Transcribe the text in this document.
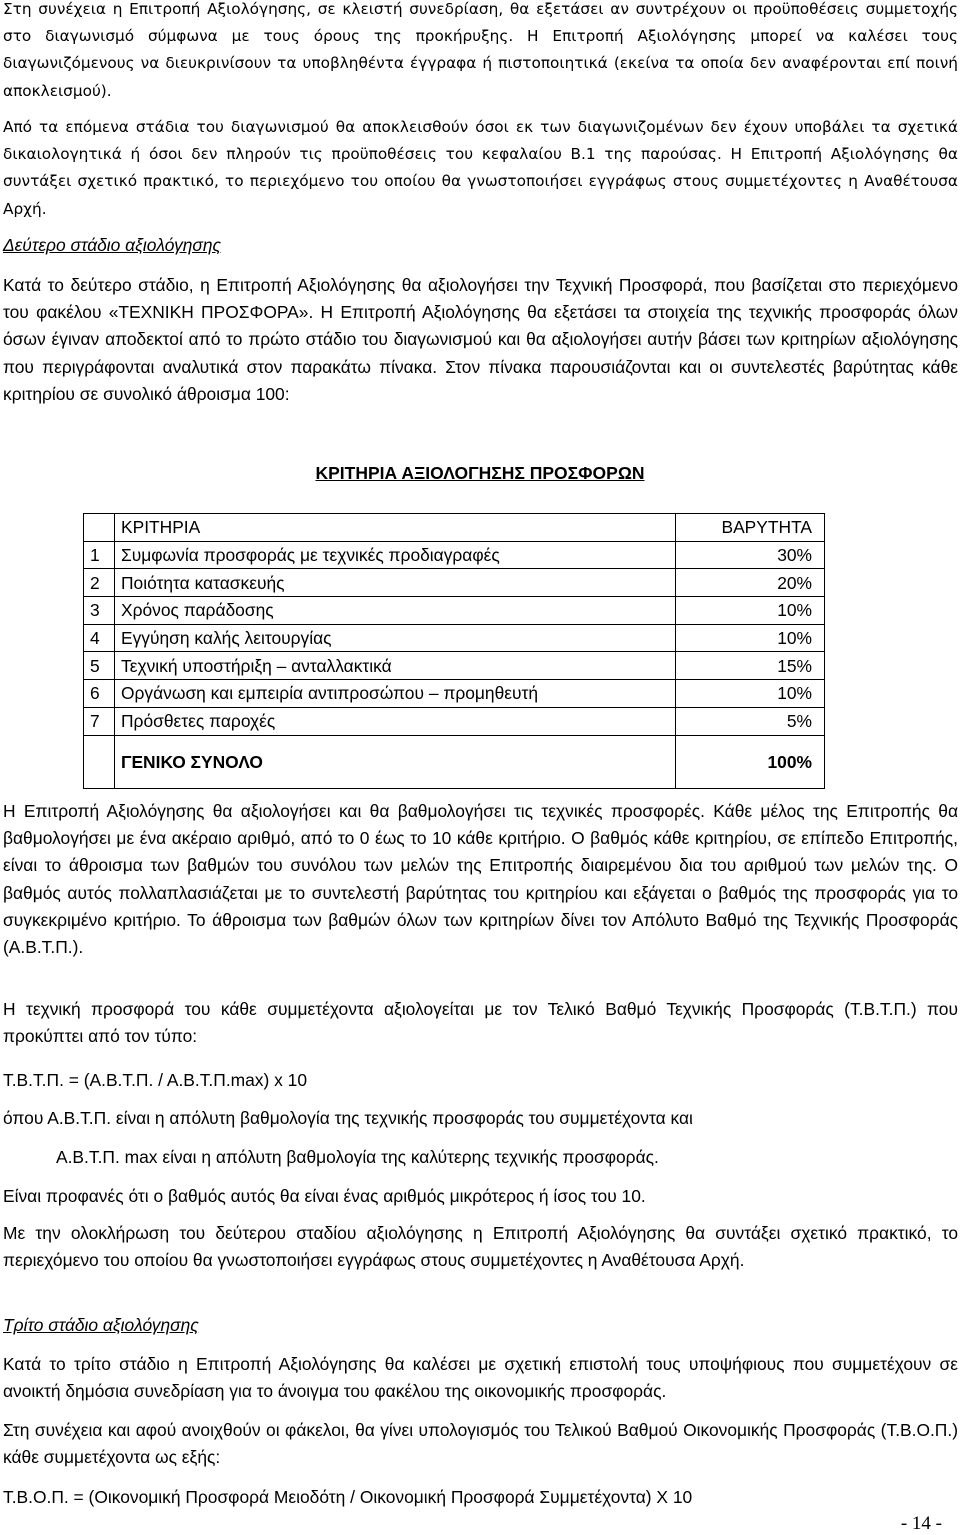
Στη συνέχεια η Επιτροπή Αξιολόγησης, σε κλειστή συνεδρίαση, θα εξετάσει αν συντρέχουν οι προϋποθέσεις συμμετοχής στο διαγωνισμό σύμφωνα με τους όρους της προκήρυξης. Η Επιτροπή Αξιολόγησης μπορεί να καλέσει τους διαγωνιζόμενους να διευκρινίσουν τα υποβληθέντα έγγραφα ή πιστοποιητικά (εκείνα τα οποία δεν αναφέρονται επί ποινή αποκλεισμού).

Από τα επόμενα στάδια του διαγωνισμού θα αποκλεισθούν όσοι εκ των διαγωνιζομένων δεν έχουν υποβάλει τα σχετικά δικαιολογητικά ή όσοι δεν πληρούν τις προϋποθέσεις του κεφαλαίου Β.1 της παρούσας. Η Επιτροπή Αξιολόγησης θα συντάξει σχετικό πρακτικό, το περιεχόμενο του οποίου θα γνωστοποιήσει εγγράφως στους συμμετέχοντες η Αναθέτουσα Αρχή.

Δεύτερο στάδιο αξιολόγησης

Κατά το δεύτερο στάδιο, η Επιτροπή Αξιολόγησης θα αξιολογήσει την Τεχνική Προσφορά, που βασίζεται στο περιεχόμενο του φακέλου «ΤΕΧΝΙΚΗ ΠΡΟΣΦΟΡΑ». Η Επιτροπή Αξιολόγησης θα εξετάσει τα στοιχεία της τεχνικής προσφοράς όλων όσων έγιναν αποδεκτοί από το πρώτο στάδιο του διαγωνισμού και θα αξιολογήσει αυτήν βάσει των κριτηρίων αξιολόγησης που περιγράφονται αναλυτικά στον παρακάτω πίνακα. Στον πίνακα παρουσιάζονται και οι συντελεστές βαρύτητας κάθε κριτηρίου σε συνολικό άθροισμα 100:

ΚΡΙΤΗΡΙΑ ΑΞΙΟΛΟΓΗΣΗΣ ΠΡΟΣΦΟΡΩΝ
	ΚΡΙΤΗΡΙΑ	ΒΑΡΥΤΗΤΑ
1	Συμφωνία προσφοράς με τεχνικές προδιαγραφές	30%
2	Ποιότητα κατασκευής	20%
3	Χρόνος παράδοσης	10%
4	Εγγύηση καλής λειτουργίας	10%
5	Τεχνική υποστήριξη – ανταλλακτικά	15%
6	Οργάνωση και εμπειρία αντιπροσώπου – προμηθευτή	10%
7	Πρόσθετες παροχές	5%
	ΓΕΝΙΚΟ ΣΥΝΟΛΟ	100%

Η Επιτροπή Αξιολόγησης θα αξιολογήσει και θα βαθμολογήσει τις τεχνικές προσφορές. Κάθε μέλος της Επιτροπής θα βαθμολογήσει με ένα ακέραιο αριθμό, από το 0 έως το 10 κάθε κριτήριο. Ο βαθμός κάθε κριτηρίου, σε επίπεδο Επιτροπής, είναι το άθροισμα των βαθμών του συνόλου των μελών της Επιτροπής διαιρεμένου δια του αριθμού των μελών της. Ο βαθμός αυτός πολλαπλασιάζεται με το συντελεστή βαρύτητας του κριτηρίου και εξάγεται ο βαθμός της προσφοράς για το συγκεκριμένο κριτήριο. Το άθροισμα των βαθμών όλων των κριτηρίων δίνει τον Απόλυτο Βαθμό της Τεχνικής Προσφοράς (Α.Β.Τ.Π.).

Η τεχνική προσφορά του κάθε συμμετέχοντα αξιολογείται με τον Τελικό Βαθμό Τεχνικής Προσφοράς (Τ.Β.Τ.Π.) που προκύπτει από τον τύπο:

Τ.Β.Τ.Π. = (Α.Β.Τ.Π. / Α.Β.Τ.Π.max) x 10

όπου Α.Β.Τ.Π. είναι η απόλυτη βαθμολογία της τεχνικής προσφοράς του συμμετέχοντα και

Α.Β.Τ.Π. max είναι η απόλυτη βαθμολογία της καλύτερης τεχνικής προσφοράς.

Είναι προφανές ότι ο βαθμός αυτός θα είναι ένας αριθμός μικρότερος ή ίσος του 10.

Με την ολοκλήρωση του δεύτερου σταδίου αξιολόγησης η Επιτροπή Αξιολόγησης θα συντάξει σχετικό πρακτικό, το περιεχόμενο του οποίου θα γνωστοποιήσει εγγράφως στους συμμετέχοντες η Αναθέτουσα Αρχή.

Τρίτο στάδιο αξιολόγησης

Κατά το τρίτο στάδιο η Επιτροπή Αξιολόγησης θα καλέσει με σχετική επιστολή τους υποψήφιους που συμμετέχουν σε ανοικτή δημόσια συνεδρίαση για το άνοιγμα του φακέλου της οικονομικής προσφοράς.

Στη συνέχεια και αφού ανοιχθούν οι φάκελοι, θα γίνει υπολογισμός του Τελικού Βαθμού Οικονομικής Προσφοράς (Τ.Β.Ο.Π.) κάθε συμμετέχοντα ως εξής:

Τ.Β.Ο.Π. = (Οικονομική Προσφορά Μειοδότη / Οικονομική Προσφορά Συμμετέχοντα) Χ 10

- 14 -
